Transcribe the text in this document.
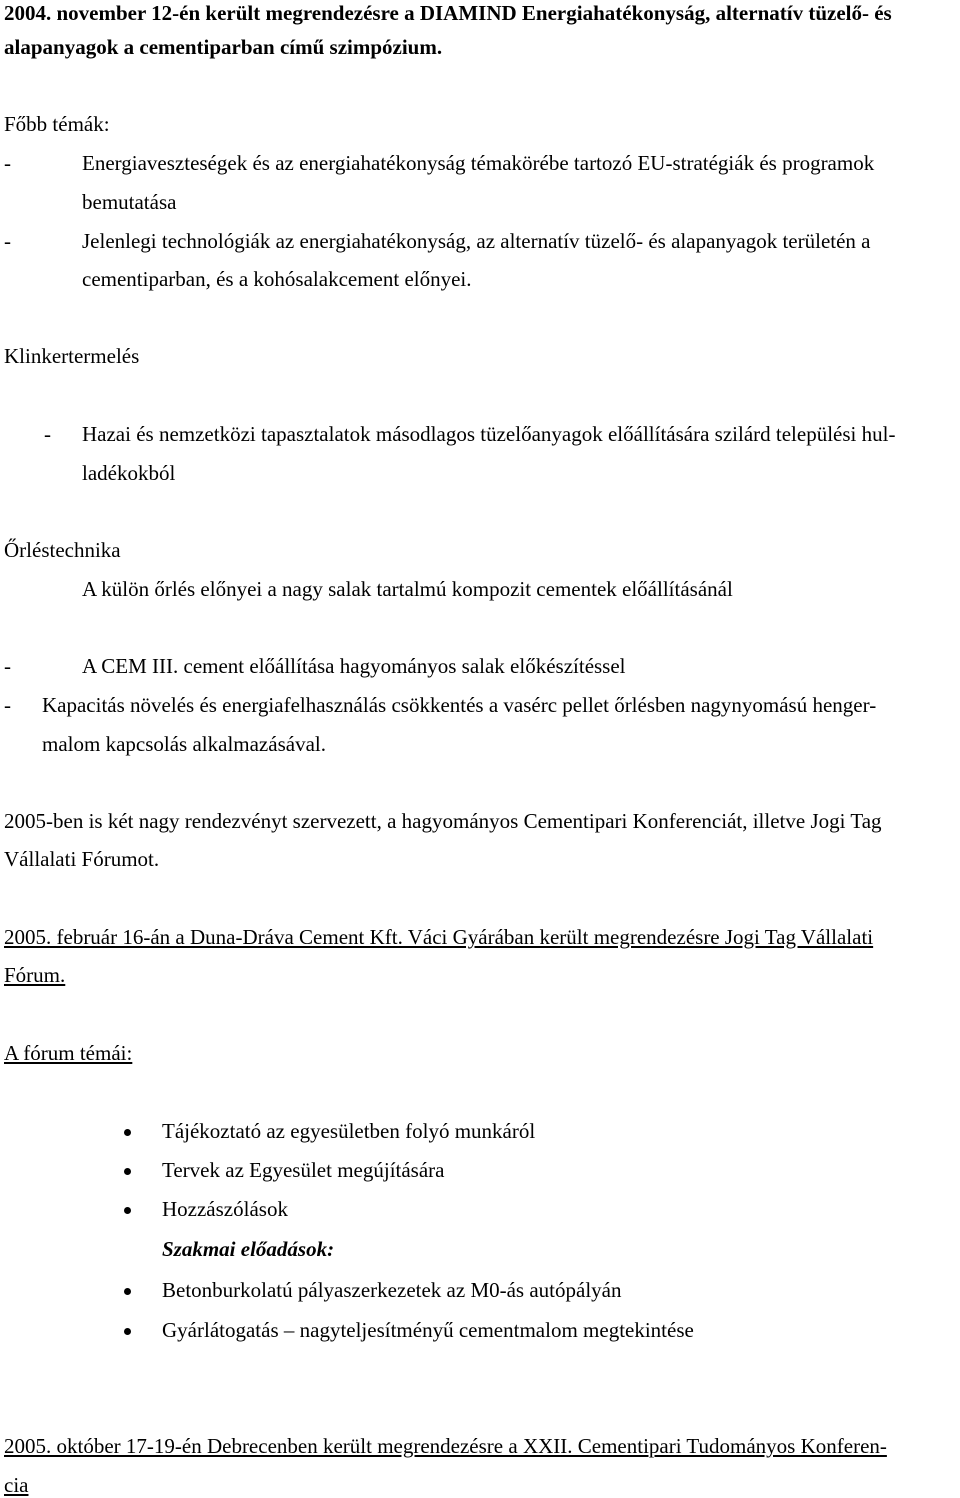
2004. november 12-én került megrendezésre a DIAMIND Energiahatékonyság, alternatív tüzelő- és
alapanyagok a cementiparban című szimpózium.
Főbb témák:
-	Energiaveszteségek és az energiahatékonyság témakörébe tartozó EU-stratégiák és programok
bemutatása
-	Jelenlegi technológiák az energiahatékonyság, az alternatív tüzelő- és alapanyagok területén a
cementiparban, és a kohósalakcement előnyei.
Klinkertermelés
- Hazai és nemzetközi tapasztalatok másodlagos tüzelőanyagok előállítására szilárd települési hul-
ladékokból
Őrléstechnika
A külön őrlés előnyei a nagy salak tartalmú kompozit cementek előállításánál
-	A CEM III. cement előállítása hagyományos salak előkészítéssel
- Kapacitás növelés és energiafelhasználás csökkentés a vasérc pellet őrlésben nagynyomású henger-
malom kapcsolás alkalmazásával.
2005-ben is két nagy rendezvényt szervezett, a hagyományos Cementipari Konferenciát, illetve Jogi Tag
Vállalati Fórumot.
2005. február 16-án a Duna-Dráva Cement Kft. Váci Gyárában került megrendezésre Jogi Tag Vállalati
Fórum.
A fórum témái:
Tájékoztató az egyesületben folyó munkáról
Tervek az Egyesület megújítására
Hozzászólások
Szakmai előadások:
Betonburkolatú pályaszerkezetek az M0-ás autópályán
Gyárlátogatás – nagyteljesítményű cementmalom megtekintése
2005. október 17-19-én Debrecenben került megrendezésre a XXII. Cementipari Tudományos Konferen-
cia
